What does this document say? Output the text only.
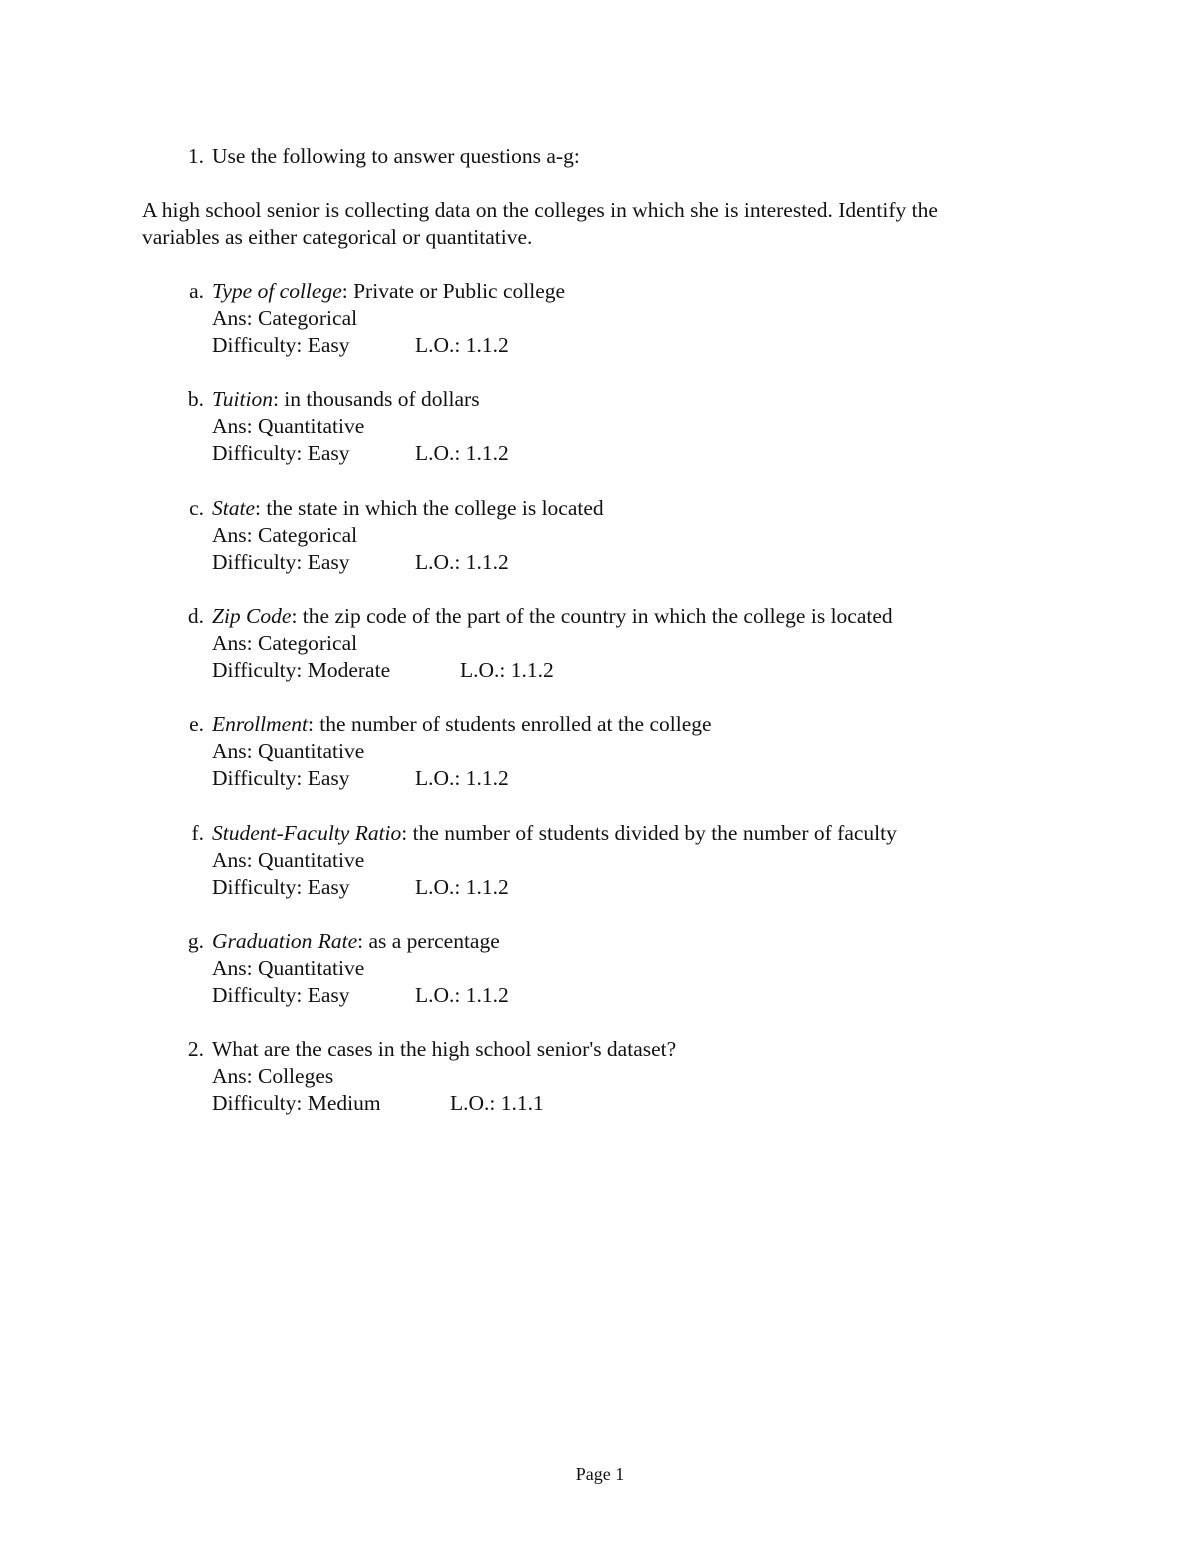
1. Use the following to answer questions a-g:
A high school senior is collecting data on the colleges in which she is interested. Identify the
variables as either categorical or quantitative.
a. Type of college: Private or Public college
Ans: Categorical
Difficulty: Easy	L.O.: 1.1.2
b. Tuition: in thousands of dollars
Ans: Quantitative
Difficulty: Easy	L.O.: 1.1.2
c. State: the state in which the college is located
Ans: Categorical
Difficulty: Easy	L.O.: 1.1.2
d. Zip Code: the zip code of the part of the country in which the college is located
Ans: Categorical
Difficulty: Moderate	L.O.: 1.1.2
e. Enrollment: the number of students enrolled at the college
Ans: Quantitative
Difficulty: Easy	L.O.: 1.1.2
f. Student-Faculty Ratio: the number of students divided by the number of faculty
Ans: Quantitative
Difficulty: Easy	L.O.: 1.1.2
g. Graduation Rate: as a percentage
Ans: Quantitative
Difficulty: Easy	L.O.: 1.1.2
2. What are the cases in the high school senior's dataset?
Ans: Colleges
Difficulty: Medium	L.O.: 1.1.1
Page 1
